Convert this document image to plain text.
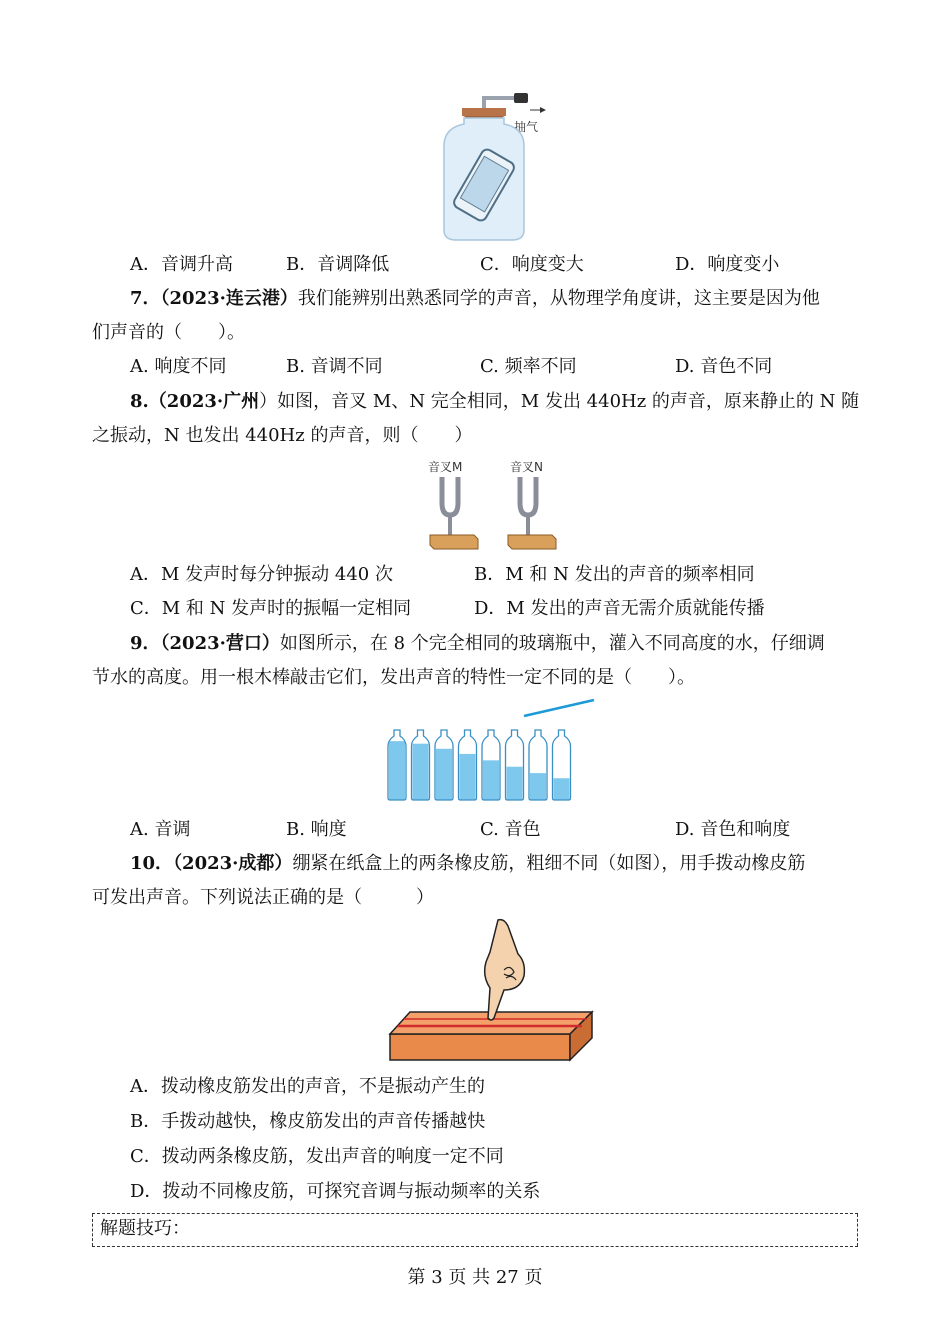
抽气
A．音调升高	B．音调降低	C．响度变大	D．响度变小
7．（2023·连云港）我们能辨别出熟悉同学的声音，从物理学角度讲，这主要是因为他
们声音的（　　）。
A. 响度不同	B. 音调不同	C. 频率不同	D. 音色不同
8.（2023·广州）如图，音叉 M、N 完全相同，M 发出 440Hz 的声音，原来静止的 N 随
之振动，N 也发出 440Hz 的声音，则（　　）
音叉M	音叉N
A．M 发声时每分钟振动 440 次	B．M 和 N 发出的声音的频率相同
C．M 和 N 发声时的振幅一定相同	D．M 发出的声音无需介质就能传播
9．（2023·营口）如图所示，在 8 个完全相同的玻璃瓶中，灌入不同高度的水，仔细调
节水的高度。用一根木棒敲击它们，发出声音的特性一定不同的是（　　）。
A. 音调	B. 响度	C. 音色	D. 音色和响度
10．（2023·成都）绷紧在纸盒上的两条橡皮筋，粗细不同（如图），用手拨动橡皮筋
可发出声音。下列说法正确的是（　　　）
A．拨动橡皮筋发出的声音，不是振动产生的
B．手拨动越快，橡皮筋发出的声音传播越快
C．拨动两条橡皮筋，发出声音的响度一定不同
D．拨动不同橡皮筋，可探究音调与振动频率的关系
解题技巧：
第 3 页 共 27 页
